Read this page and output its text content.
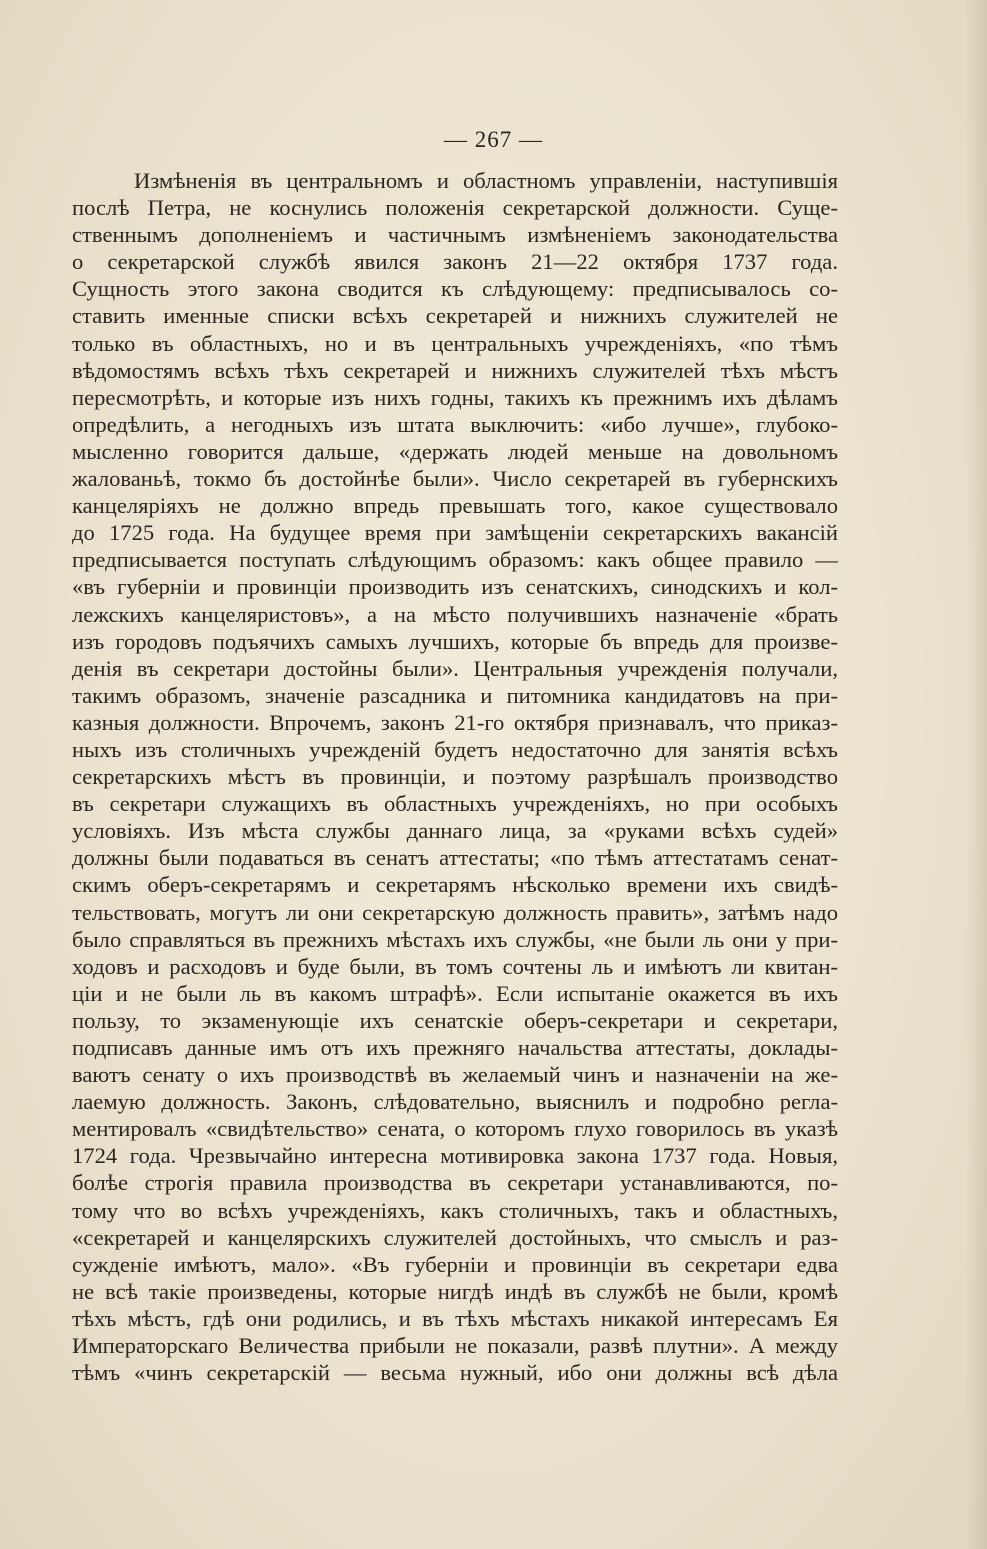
— 267 —
Измѣненія въ центральномъ и областномъ управленіи, наступившія
послѣ Петра, не коснулись положенія секретарской должности. Суще-
ственнымъ дополненіемъ и частичнымъ измѣненіемъ законодательства
о секретарской службѣ явился законъ 21—22 октября 1737 года.
Сущность этого закона сводится къ слѣдующему: предписывалось со-
ставить именные списки всѣхъ секретарей и нижнихъ служителей не
только въ областныхъ, но и въ центральныхъ учрежденіяхъ, «по тѣмъ
вѣдомостямъ всѣхъ тѣхъ секретарей и нижнихъ служителей тѣхъ мѣстъ
пересмотрѣть, и которые изъ нихъ годны, такихъ къ прежнимъ ихъ дѣламъ
опредѣлить, а негодныхъ изъ штата выключить: «ибо лучше», глубоко-
мысленно говорится дальше, «держать людей меньше на довольномъ
жалованьѣ, токмо бъ достойнѣе были». Число секретарей въ губернскихъ
канцеляріяхъ не должно впредь превышать того, какое существовало
до 1725 года. На будущее время при замѣщеніи секретарскихъ вакансій
предписывается поступать слѣдующимъ образомъ: какъ общее правило —
«въ губерніи и провинціи производить изъ сенатскихъ, синодскихъ и кол-
лежскихъ канцеляристовъ», а на мѣсто получившихъ назначеніе «брать
изъ городовъ подъячихъ самыхъ лучшихъ, которые бъ впредь для произве-
денія въ секретари достойны были». Центральныя учрежденія получали,
такимъ образомъ, значеніе разсадника и питомника кандидатовъ на при-
казныя должности. Впрочемъ, законъ 21-го октября признавалъ, что приказ-
ныхъ изъ столичныхъ учрежденій будетъ недостаточно для занятія всѣхъ
секретарскихъ мѣстъ въ провинціи, и поэтому разрѣшалъ производство
въ секретари служащихъ въ областныхъ учрежденіяхъ, но при особыхъ
условіяхъ. Изъ мѣста службы даннаго лица, за «руками всѣхъ судей»
должны были подаваться въ сенатъ аттестаты; «по тѣмъ аттестатамъ сенат-
скимъ оберъ-секретарямъ и секретарямъ нѣсколько времени ихъ свидѣ-
тельствовать, могутъ ли они секретарскую должность править», затѣмъ надо
было справляться въ прежнихъ мѣстахъ ихъ службы, «не были ль они у при-
ходовъ и расходовъ и буде были, въ томъ сочтены ль и имѣютъ ли квитан-
ціи и не были ль въ какомъ штрафѣ». Если испытаніе окажется въ ихъ
пользу, то экзаменующіе ихъ сенатскіе оберъ-секретари и секретари,
подписавъ данные имъ отъ ихъ прежняго начальства аттестаты, доклады-
ваютъ сенату о ихъ производствѣ въ желаемый чинъ и назначеніи на же-
лаемую должность. Законъ, слѣдовательно, выяснилъ и подробно регла-
ментировалъ «свидѣтельство» сената, о которомъ глухо говорилось въ указѣ
1724 года. Чрезвычайно интересна мотивировка закона 1737 года. Новыя,
болѣе строгія правила производства въ секретари устанавливаются, по-
тому что во всѣхъ учрежденіяхъ, какъ столичныхъ, такъ и областныхъ,
«секретарей и канцелярскихъ служителей достойныхъ, что смыслъ и раз-
сужденіе имѣютъ, мало». «Въ губерніи и провинціи въ секретари едва
не всѣ такіе произведены, которые нигдѣ индѣ въ службѣ не были, кромѣ
тѣхъ мѣстъ, гдѣ они родились, и въ тѣхъ мѣстахъ никакой интересамъ Ея
Императорскаго Величества прибыли не показали, развѣ плутни». А между
тѣмъ «чинъ секретарскій — весьма нужный, ибо они должны всѣ дѣла
